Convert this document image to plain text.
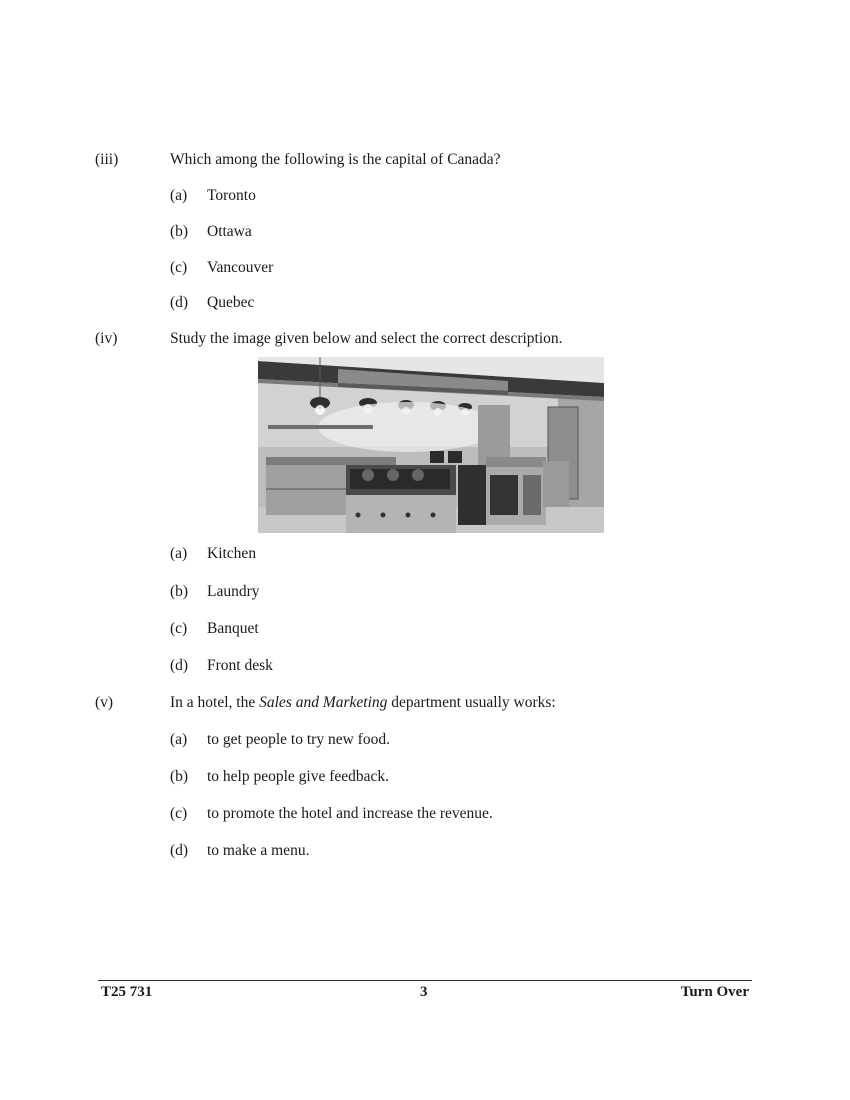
(iii)	Which among the following is the capital of Canada?
(a) Toronto
(b) Ottawa
(c) Vancouver
(d) Quebec
(iv)	Study the image given below and select the correct description.
(a) Kitchen
(b) Laundry
(c) Banquet
(d) Front desk
(v)	In a hotel, the Sales and Marketing department usually works:
(a) to get people to try new food.
(b) to help people give feedback.
(c) to promote the hotel and increase the revenue.
(d) to make a menu.
T25 731	3	Turn Over
